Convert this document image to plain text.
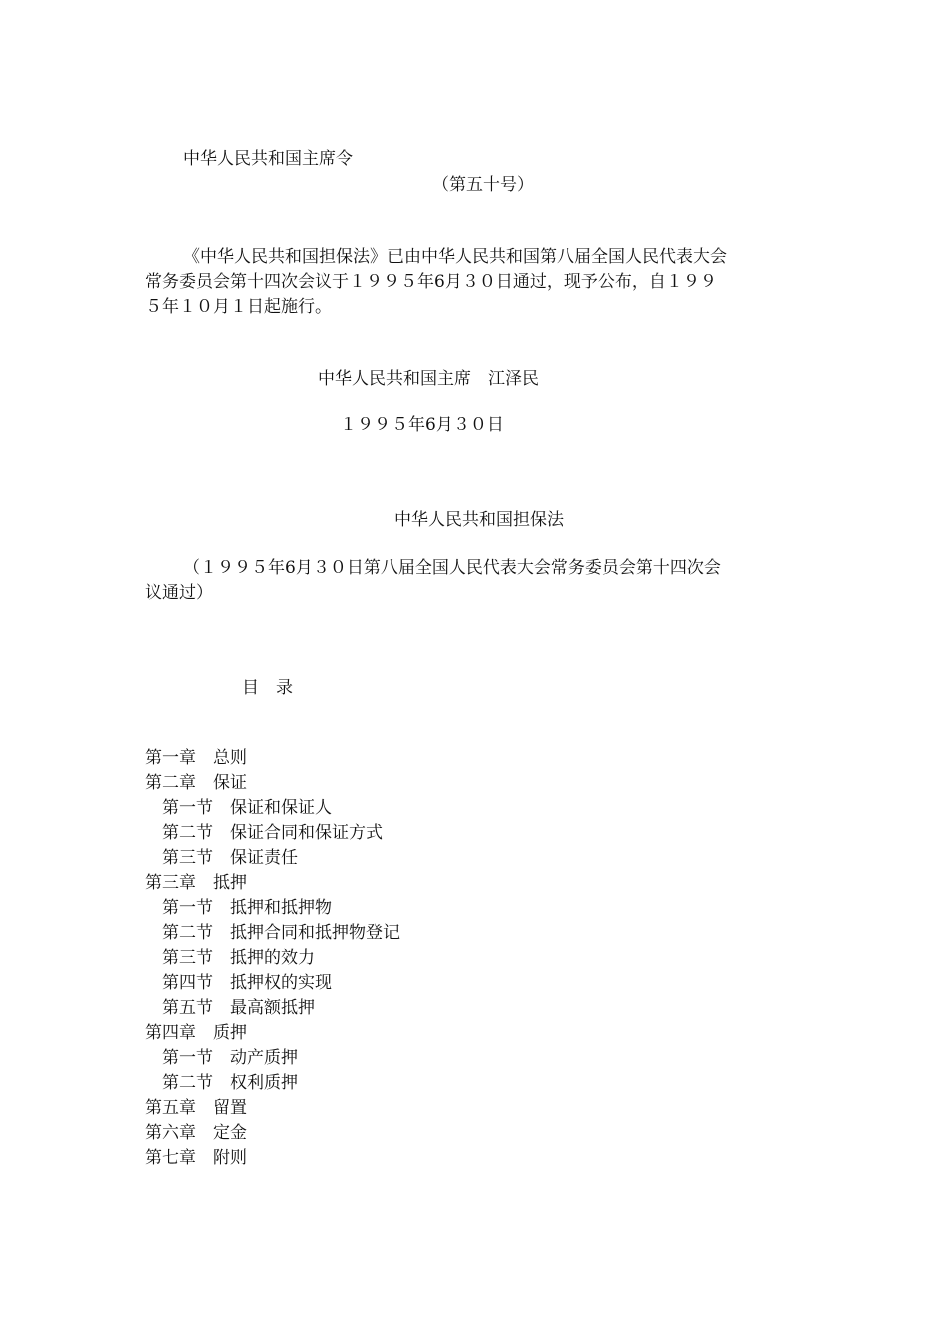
中华人民共和国主席令
（第五十号）
《中华人民共和国担保法》已由中华人民共和国第八届全国人民代表大会
常务委员会第十四次会议于１９９５年6月３０日通过，现予公布，自１９９
５年１０月１日起施行。
中华人民共和国主席　江泽民
１９９５年6月３０日
中华人民共和国担保法
（１９９５年6月３０日第八届全国人民代表大会常务委员会第十四次会
议通过）
目　录
第一章　总则
第二章　保证
　第一节　保证和保证人
　第二节　保证合同和保证方式
　第三节　保证责任
第三章　抵押
　第一节　抵押和抵押物
　第二节　抵押合同和抵押物登记
　第三节　抵押的效力
　第四节　抵押权的实现
　第五节　最高额抵押
第四章　质押
　第一节　动产质押
　第二节　权利质押
第五章　留置
第六章　定金
第七章　附则
